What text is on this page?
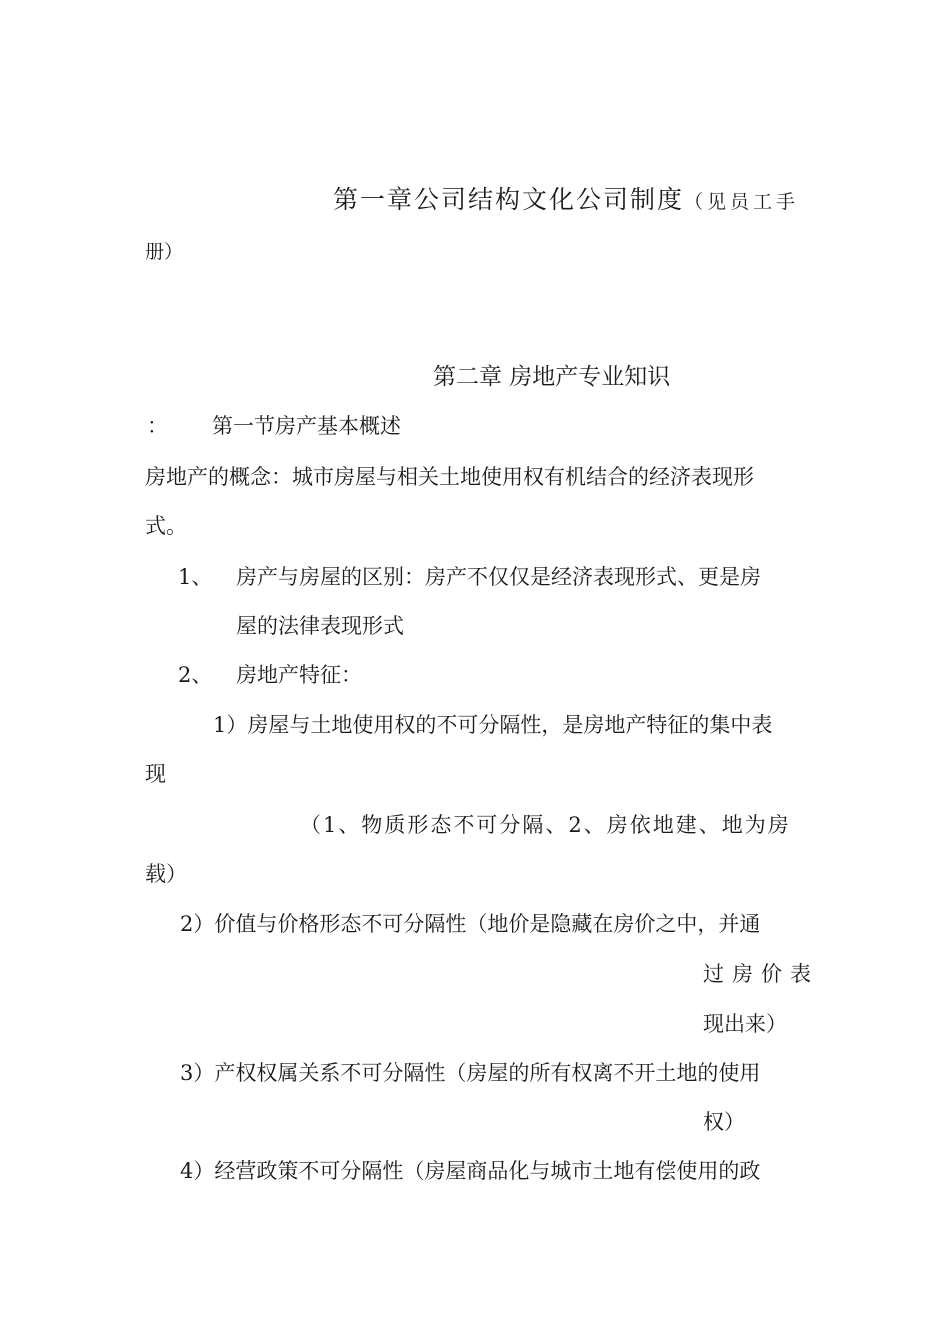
第一章公司结构文化公司制度（见员工手
册）
第二章 房地产专业知识
： 第一节房产基本概述
房地产的概念：城市房屋与相关土地使用权有机结合的经济表现形
式。
1、 房产与房屋的区别：房产不仅仅是经济表现形式、更是房
屋的法律表现形式
2、 房地产特征：
1）房屋与土地使用权的不可分隔性，是房地产特征的集中表
现
（1、物质形态不可分隔、2、房依地建、地为房
载）
2）价值与价格形态不可分隔性（地价是隐藏在房价之中，并通
过房价表
现出来）
3）产权权属关系不可分隔性（房屋的所有权离不开土地的使用
权）
4）经营政策不可分隔性（房屋商品化与城市土地有偿使用的政
